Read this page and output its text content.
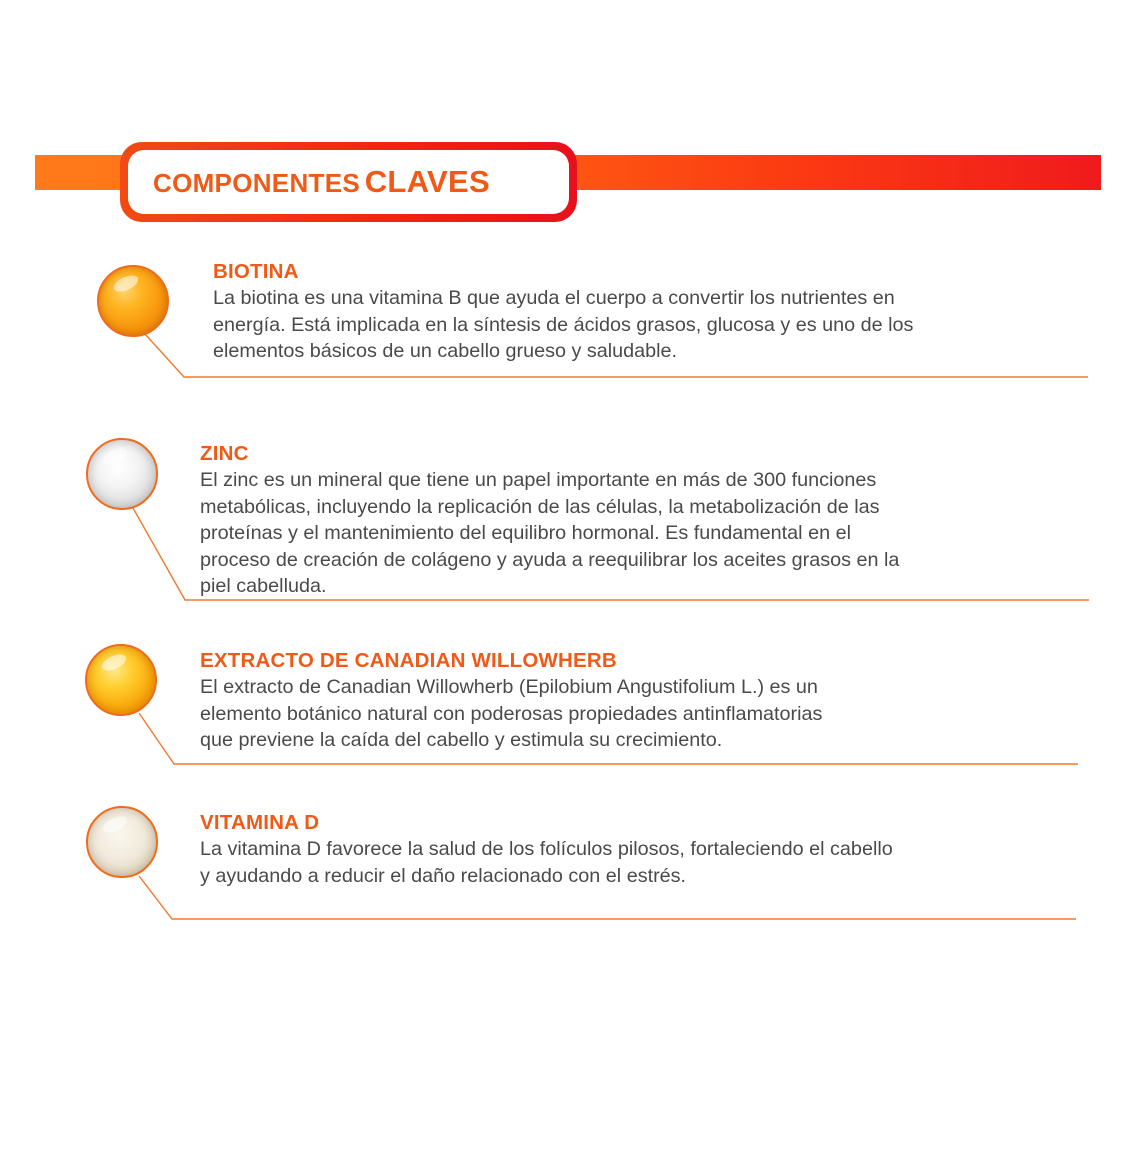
COMPONENTES CLAVES

BIOTINA

La biotina es una vitamina B que ayuda el cuerpo a convertir los nutrientes en

energía. Está implicada en la síntesis de ácidos grasos, glucosa y es uno de los

elementos básicos de un cabello grueso y saludable.

ZINC

El zinc es un mineral que tiene un papel importante en más de 300 funciones

metabólicas, incluyendo la replicación de las células, la metabolización de las

proteínas y el mantenimiento del equilibro hormonal. Es fundamental en el

proceso de creación de colágeno y ayuda a reequilibrar los aceites grasos en la

piel cabelluda.

EXTRACTO DE CANADIAN WILLOWHERB

El extracto de Canadian Willowherb (Epilobium Angustifolium L.) es un

elemento botánico natural con poderosas propiedades antinflamatorias

que previene la caída del cabello y estimula su crecimiento.

VITAMINA D

La vitamina D favorece la salud de los folículos pilosos, fortaleciendo el cabello

y ayudando a reducir el daño relacionado con el estrés.
